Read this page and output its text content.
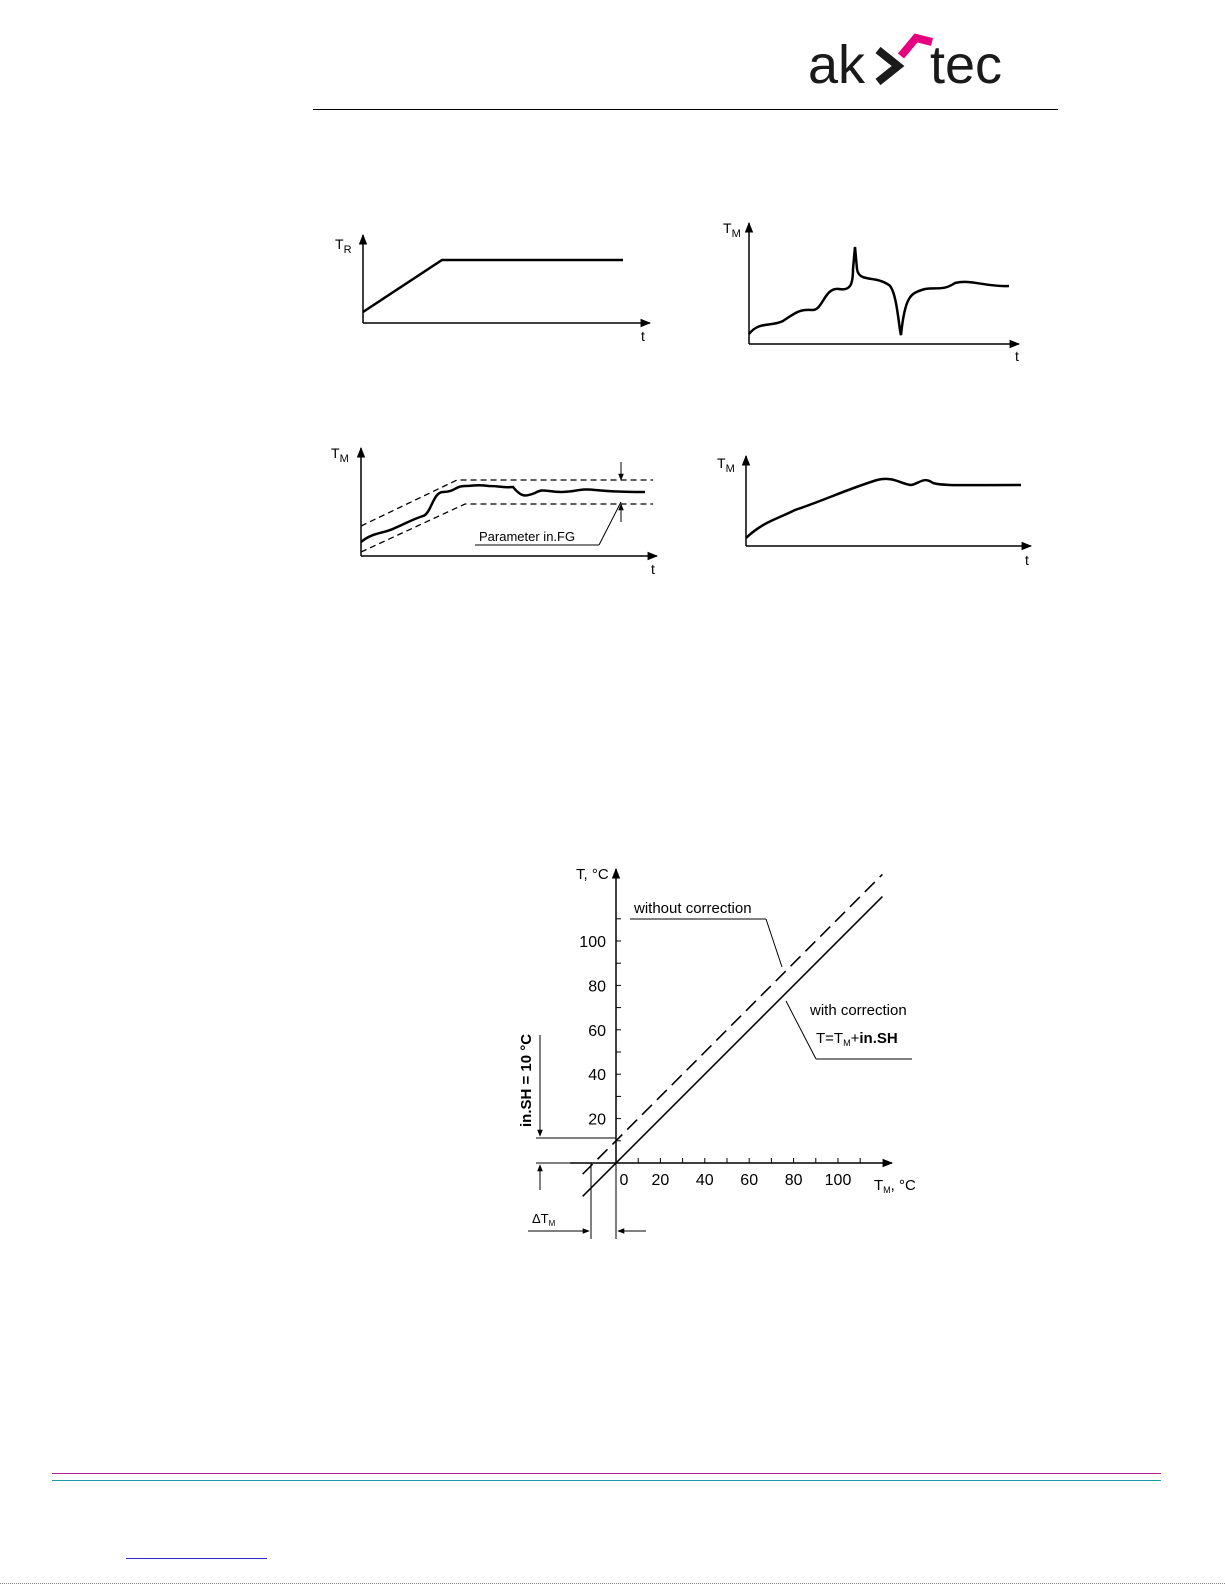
ak tec
$T_R$
t
$T_M$
t
Parameter in.FG
$T_M$
t
$T_M$
t
20
40
60
80
100
0 20 40 60 80 100
T, °C
$T_M$, °C
without correction
with correction
$T=T_M+in.SH$
in.SH = 10 °C
$\Delta T_M$
